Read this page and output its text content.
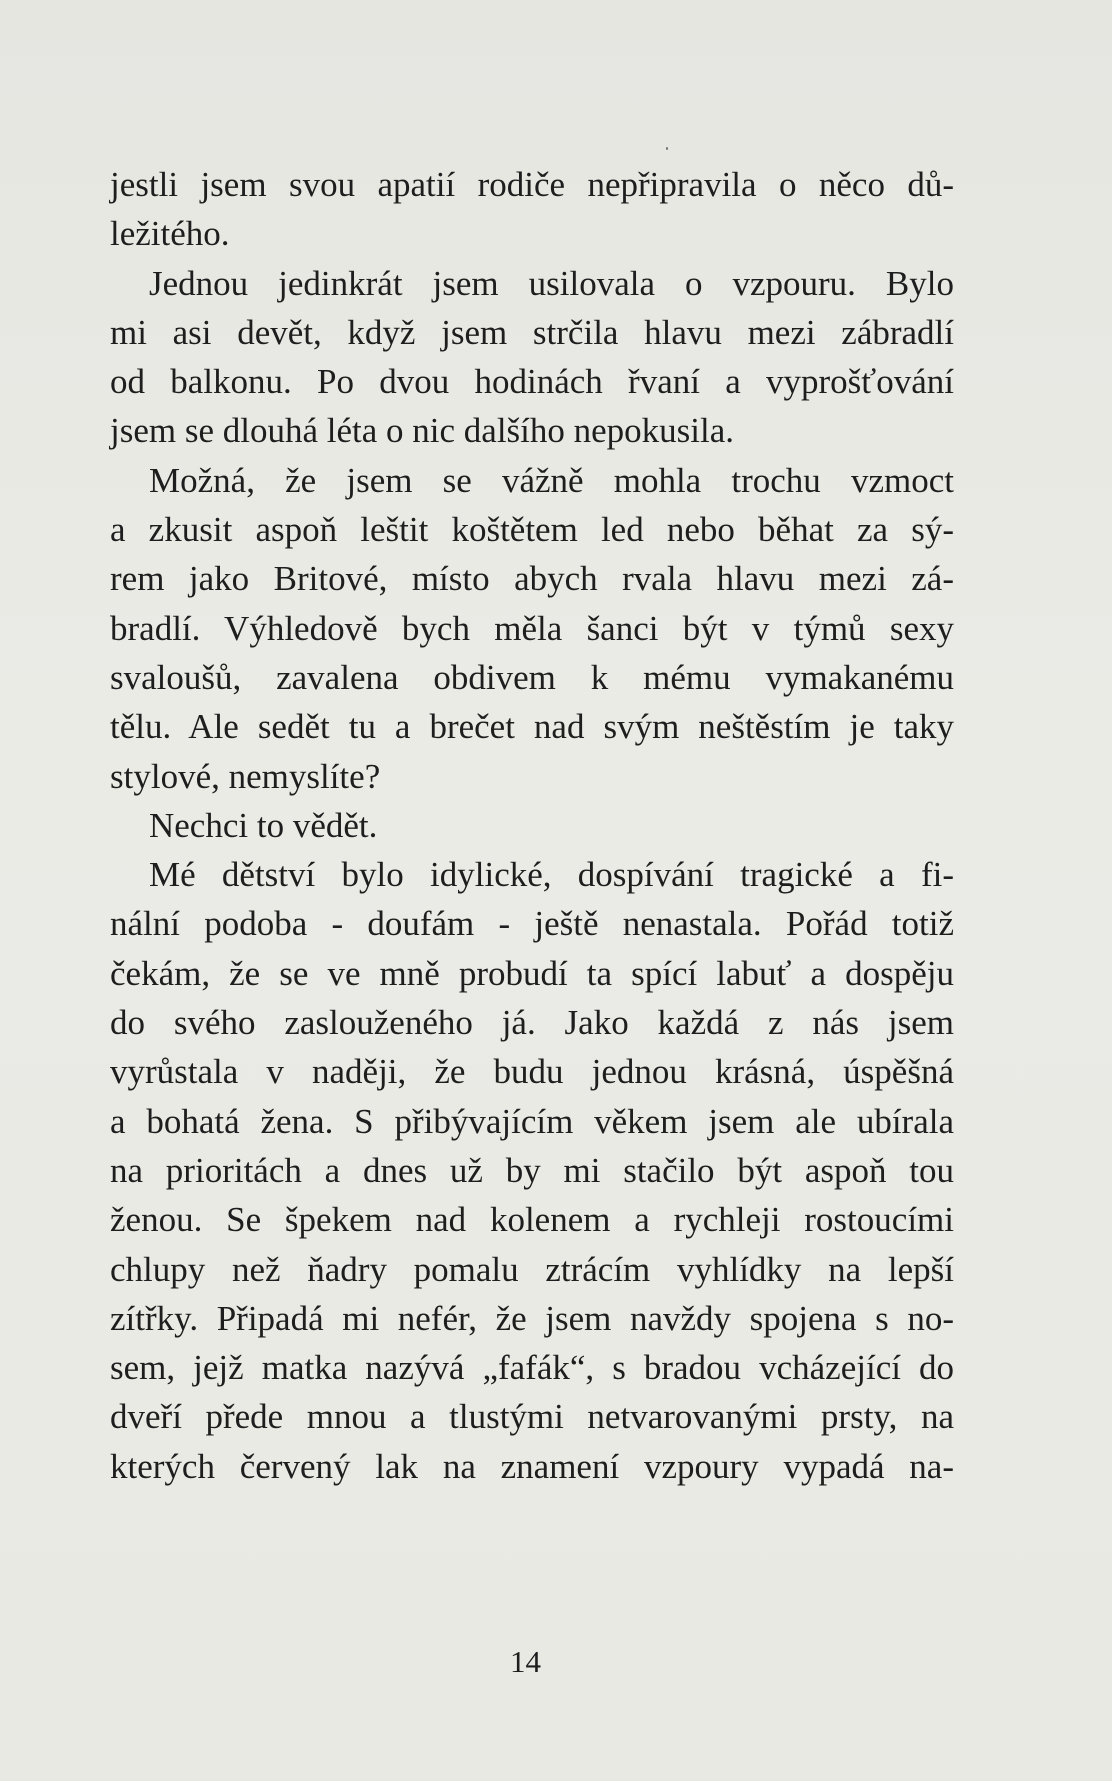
jestli jsem svou apatií rodiče nepřipravila o něco dů-
ležitého.
Jednou jedinkrát jsem usilovala o vzpouru. Bylo
mi asi devět, když jsem strčila hlavu mezi zábradlí
od balkonu. Po dvou hodinách řvaní a vyprošťování
jsem se dlouhá léta o nic dalšího nepokusila.
Možná, že jsem se vážně mohla trochu vzmoct
a zkusit aspoň leštit koštětem led nebo běhat za sý-
rem jako Britové, místo abych rvala hlavu mezi zá-
bradlí. Výhledově bych měla šanci být v týmů sexy
svaloušů, zavalena obdivem k mému vymakanému
tělu. Ale sedět tu a brečet nad svým neštěstím je taky
stylové, nemyslíte?
Nechci to vědět.
Mé dětství bylo idylické, dospívání tragické a fi-
nální podoba - doufám - ještě nenastala. Pořád totiž
čekám, že se ve mně probudí ta spící labuť a dospěju
do svého zaslouženého já. Jako každá z nás jsem
vyrůstala v naději, že budu jednou krásná, úspěšná
a bohatá žena. S přibývajícím věkem jsem ale ubírala
na prioritách a dnes už by mi stačilo být aspoň tou
ženou. Se špekem nad kolenem a rychleji rostoucími
chlupy než ňadry pomalu ztrácím vyhlídky na lepší
zítřky. Připadá mi nefér, že jsem navždy spojena s no-
sem, jejž matka nazývá „fafák“, s bradou vcházející do
dveří přede mnou a tlustými netvarovanými prsty, na
kterých červený lak na znamení vzpoury vypadá na-
14
